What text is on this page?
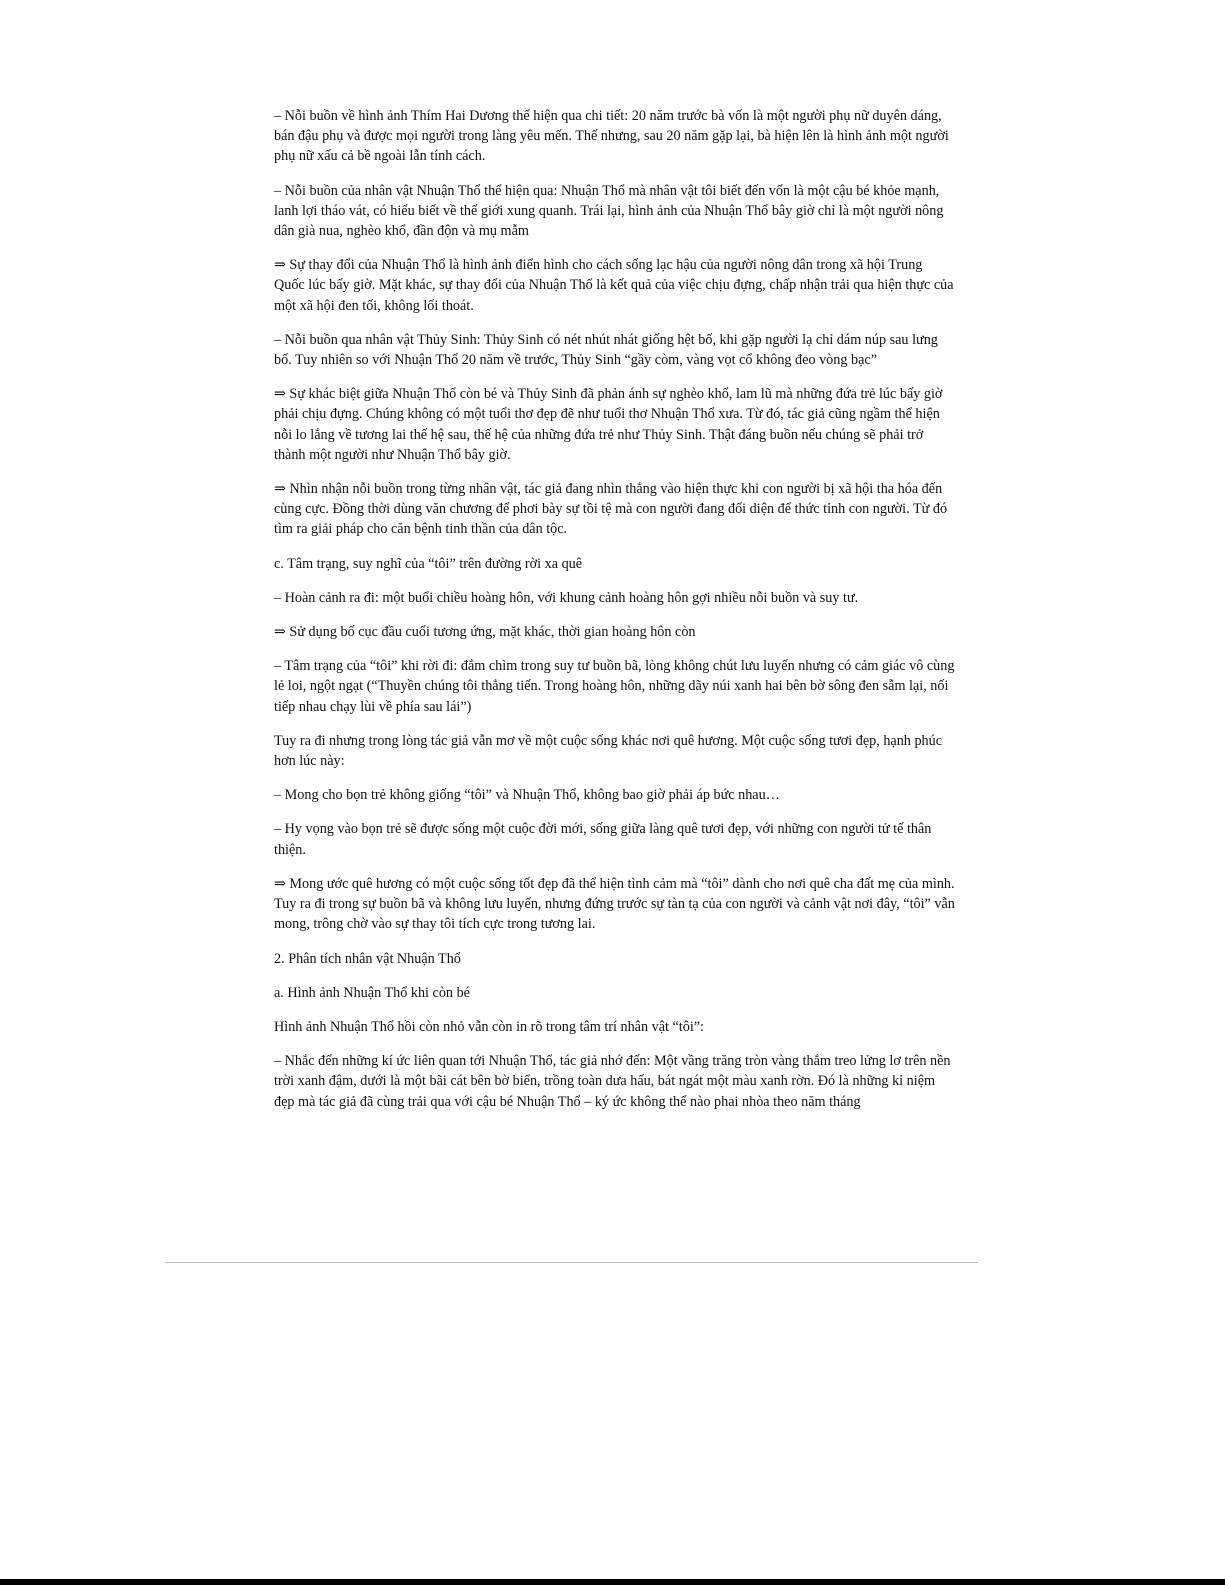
– Nỗi buồn về hình ảnh Thím Hai Dương thể hiện qua chi tiết: 20 năm trước bà vốn là một người phụ nữ duyên dáng, bán đậu phụ và được mọi người trong làng yêu mến. Thế nhưng, sau 20 năm gặp lại, bà hiện lên là hình ảnh một người phụ nữ xấu cả bề ngoài lẫn tính cách.

– Nỗi buồn của nhân vật Nhuận Thổ thể hiện qua: Nhuận Thổ mà nhân vật tôi biết đến vốn là một cậu bé khỏe mạnh, lanh lợi tháo vát, có hiểu biết về thế giới xung quanh. Trái lại, hình ảnh của Nhuận Thổ bây giờ chỉ là một người nông dân già nua, nghèo khổ, đần độn và mụ mẫm

⇒ Sự thay đổi của Nhuận Thổ là hình ảnh điển hình cho cách sống lạc hậu của người nông dân trong xã hội Trung Quốc lúc bấy giờ. Mặt khác, sự thay đổi của Nhuận Thổ là kết quả của việc chịu đựng, chấp nhận trải qua hiện thực của một xã hội đen tối, không lối thoát.

– Nỗi buồn qua nhân vật Thủy Sinh: Thủy Sinh có nét nhút nhát giống hệt bố, khi gặp người lạ chỉ dám núp sau lưng bố. Tuy nhiên so với Nhuận Thổ 20 năm về trước, Thủy Sinh “gầy còm, vàng vọt cổ không đeo vòng bạc”

⇒ Sự khác biệt giữa Nhuận Thổ còn bé và Thủy Sinh đã phản ánh sự nghèo khổ, lam lũ mà những đứa trẻ lúc bấy giờ phải chịu đựng. Chúng không có một tuổi thơ đẹp đẽ như tuổi thơ Nhuận Thổ xưa. Từ đó, tác giả cũng ngầm thể hiện nỗi lo lắng về tương lai thế hệ sau, thế hệ của những đứa trẻ như Thủy Sinh. Thật đáng buồn nếu chúng sẽ phải trở thành một người như Nhuận Thổ bây giờ.

⇒ Nhìn nhận nỗi buồn trong từng nhân vật, tác giả đang nhìn thẳng vào hiện thực khi con người bị xã hội tha hóa đến cùng cực. Đồng thời dùng văn chương để phơi bày sự tồi tệ mà con người đang đối diện để thức tỉnh con người. Từ đó tìm ra giải pháp cho căn bệnh tinh thần của dân tộc.

c. Tâm trạng, suy nghĩ của “tôi” trên đường rời xa quê

– Hoàn cảnh ra đi: một buổi chiều hoàng hôn, với khung cảnh hoàng hôn gợi nhiều nỗi buồn và suy tư.

⇒ Sử dụng bố cục đầu cuối tương ứng, mặt khác, thời gian hoàng hôn còn

– Tâm trạng của “tôi” khi rời đi: đắm chìm trong suy tư buồn bã, lòng không chút lưu luyến nhưng có cảm giác vô cùng lẻ loi, ngột ngạt (“Thuyền chúng tôi thẳng tiến. Trong hoàng hôn, những dãy núi xanh hai bên bờ sông đen sẫm lại, nối tiếp nhau chạy lùi về phía sau lái”)

Tuy ra đi nhưng trong lòng tác giả vẫn mơ về một cuộc sống khác nơi quê hương. Một cuộc sống tươi đẹp, hạnh phúc hơn lúc này:

– Mong cho bọn trẻ không giống “tôi” và Nhuận Thổ, không bao giờ phải áp bức nhau…

– Hy vọng vào bọn trẻ sẽ được sống một cuộc đời mới, sống giữa làng quê tươi đẹp, với những con người tử tế thân thiện.

⇒ Mong ước quê hương có một cuộc sống tốt đẹp đã thể hiện tình cảm mà “tôi” dành cho nơi quê cha đất mẹ của mình. Tuy ra đi trong sự buồn bã và không lưu luyến, nhưng đứng trước sự tàn tạ của con người và cảnh vật nơi đây, “tôi” vẫn mong, trông chờ vào sự thay tôi tích cực trong tương lai.

2. Phân tích nhân vật Nhuận Thổ

a. Hình ảnh Nhuận Thổ khi còn bé

Hình ảnh Nhuận Thổ hồi còn nhỏ vẫn còn in rõ trong tâm trí nhân vật “tôi”:

– Nhắc đến những kí ức liên quan tới Nhuận Thổ, tác giả nhớ đến: Một vầng trăng tròn vàng thắm treo lửng lơ trên nền trời xanh đậm, dưới là một bãi cát bên bờ biển, trồng toàn dưa hấu, bát ngát một màu xanh rờn. Đó là những kỉ niệm đẹp mà tác giả đã cùng trải qua với cậu bé Nhuận Thổ – ký ức không thể nào phai nhòa theo năm tháng
